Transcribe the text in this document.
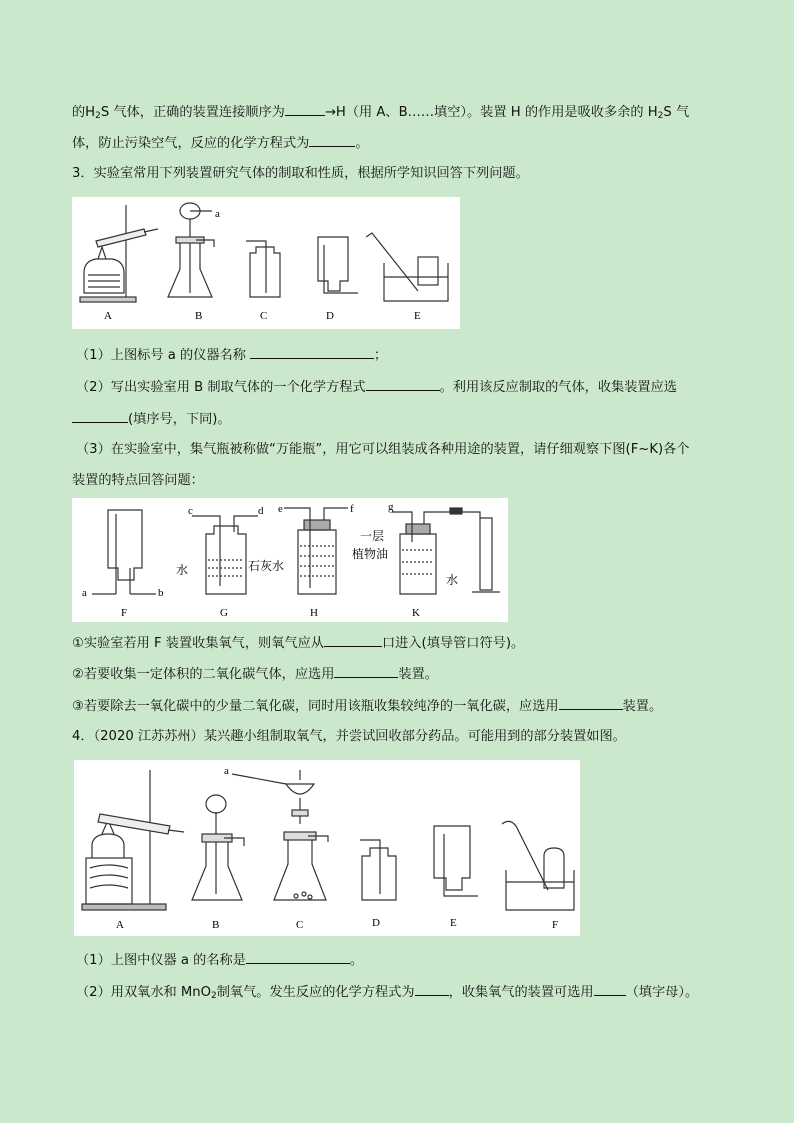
的$H_2S$ 气体，正确的装置连接顺序为	→H（用 A、B……填空）。装置 H 的作用是吸收多余的 $H_2S$ 气
体，防止污染空气，反应的化学方程式为	。
3．实验室常用下列装置研究气体的制取和性质，根据所学知识回答下列问题。
A
a
B	C	D	E
（1）上图标号 a 的仪器名称	；
（2）写出实验室用 B 制取气体的一个化学方程式	。利用该反应制取的气体，收集装置应选
(填序号，下同)。
（3）在实验室中，集气瓶被称做“万能瓶”，用它可以组装成各种用途的装置，请仔细观察下图(F~K)各个
装置的特点回答问题：
a	b
F
c	d
水
G
e	f
石灰水
H
g
一层
植物油
水
K
①实验室若用 F 装置收集氧气，则氧气应从	口进入(填导管口符号)。
②若要收集一定体积的二氧化碳气体，应选用	装置。
③若要除去一氧化碳中的少量二氧化碳，同时用该瓶收集较纯净的一氧化碳，应选用	装置。
4．（2020 江苏苏州）某兴趣小组制取氧气，并尝试回收部分药品。可能用到的部分装置如图。
A	B
a
C	D	E	F
（1）上图中仪器 a 的名称是	。
（2）用双氧水和 MnO$_2$制氧气。发生反应的化学方程式为	，收集氧气的装置可选用 （填字母）。
